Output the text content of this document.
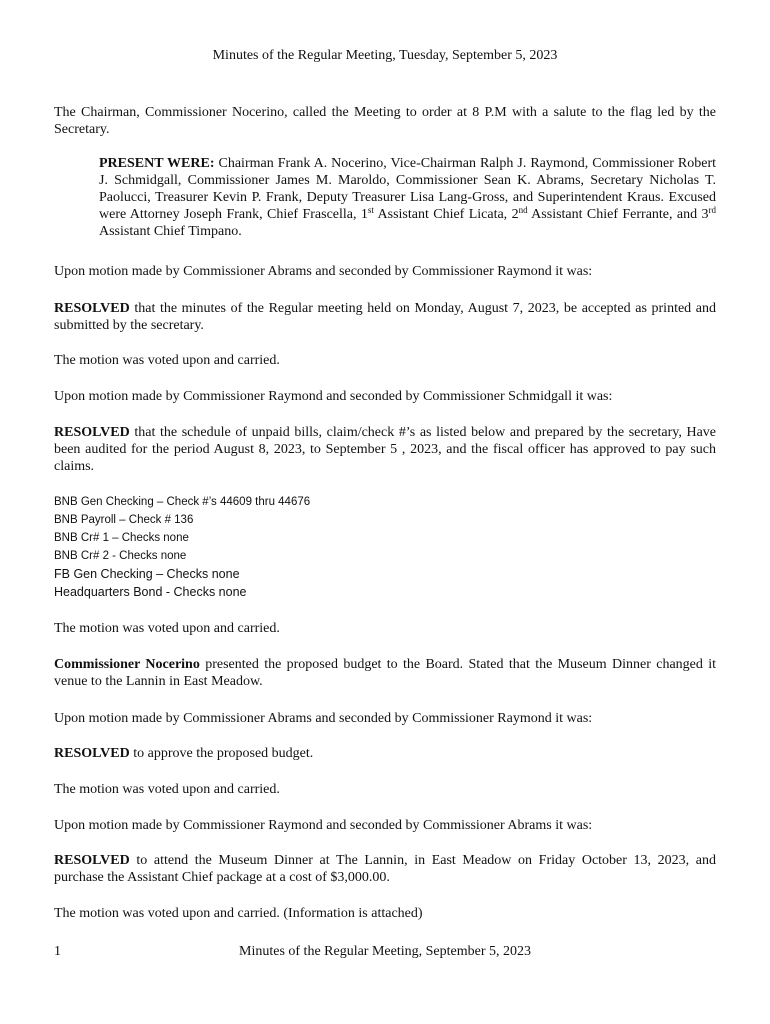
Minutes of the Regular Meeting, Tuesday, September 5, 2023

The Chairman, Commissioner Nocerino, called the Meeting to order at 8 P.M with a salute to the flag led by the Secretary.

PRESENT WERE: Chairman Frank A. Nocerino, Vice-Chairman Ralph J. Raymond, Commissioner Robert J. Schmidgall, Commissioner James M. Maroldo, Commissioner Sean K. Abrams, Secretary Nicholas T. Paolucci, Treasurer Kevin P. Frank, Deputy Treasurer Lisa Lang-Gross, and Superintendent Kraus. Excused were Attorney Joseph Frank, Chief Frascella, 1st Assistant Chief Licata, 2nd Assistant Chief Ferrante, and 3rd Assistant Chief Timpano.

Upon motion made by Commissioner Abrams and seconded by Commissioner Raymond it was:

RESOLVED that the minutes of the Regular meeting held on Monday, August 7, 2023, be accepted as printed and submitted by the secretary.

The motion was voted upon and carried.

Upon motion made by Commissioner Raymond and seconded by Commissioner Schmidgall it was:

RESOLVED that the schedule of unpaid bills, claim/check #’s as listed below and prepared by the secretary, Have been audited for the period August 8, 2023, to September 5 , 2023, and the fiscal officer has approved to pay such claims.

BNB Gen Checking – Check #’s 44609 thru 44676
BNB Payroll – Check # 136
BNB Cr# 1 – Checks none
BNB Cr# 2 - Checks none
FB Gen Checking – Checks none
Headquarters Bond - Checks none

The motion was voted upon and carried.

Commissioner Nocerino presented the proposed budget to the Board. Stated that the Museum Dinner changed it venue to the Lannin in East Meadow.

Upon motion made by Commissioner Abrams and seconded by Commissioner Raymond it was:

RESOLVED to approve the proposed budget.

The motion was voted upon and carried.

Upon motion made by Commissioner Raymond and seconded by Commissioner Abrams it was:

RESOLVED to attend the Museum Dinner at The Lannin, in East Meadow on Friday October 13, 2023, and purchase the Assistant Chief package at a cost of $3,000.00.

The motion was voted upon and carried. (Information is attached)

Minutes of the Regular Meeting, September 5, 2023
1
